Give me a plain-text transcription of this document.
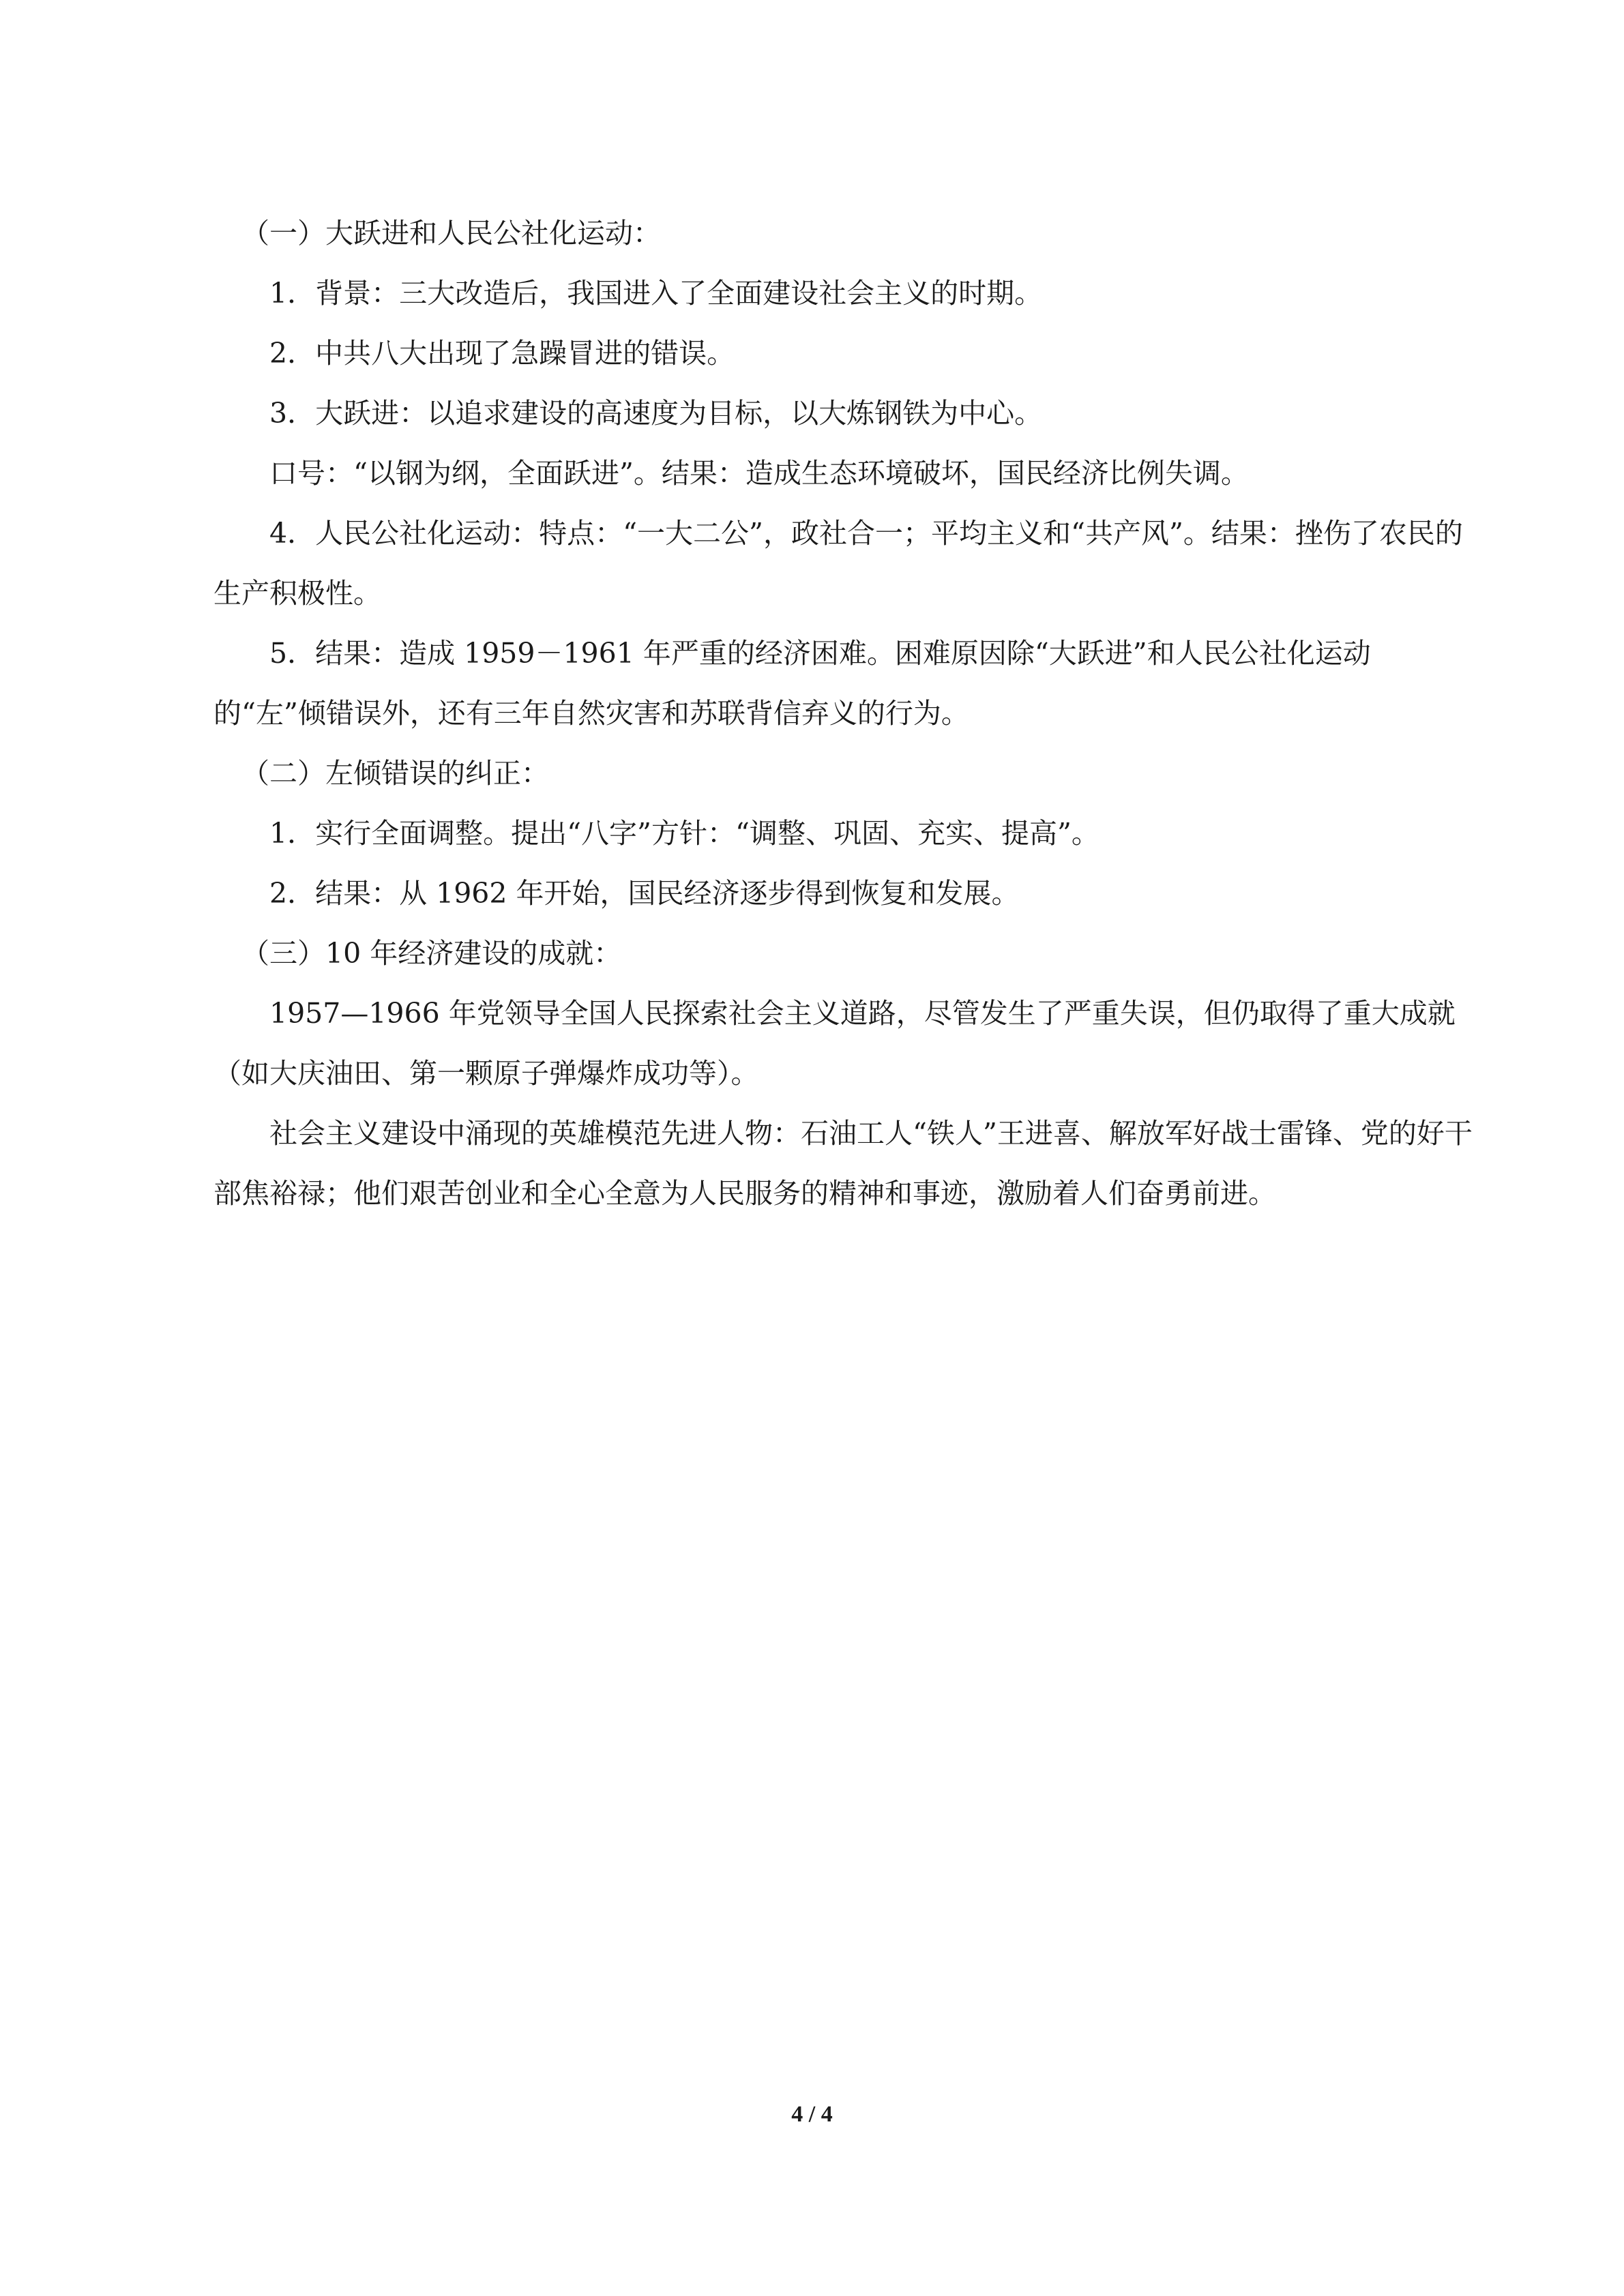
（一）大跃进和人民公社化运动：

1．背景：三大改造后，我国进入了全面建设社会主义的时期。

2．中共八大出现了急躁冒进的错误。

3．大跃进：以追求建设的高速度为目标，以大炼钢铁为中心。

口号：“以钢为纲，全面跃进”。结果：造成生态环境破坏，国民经济比例失调。

4．人民公社化运动：特点：“一大二公”，政社合一；平均主义和“共产风”。结果：挫伤了农民的生产积极性。

5．结果：造成 1959－1961 年严重的经济困难。困难原因除“大跃进”和人民公社化运动的“左”倾错误外，还有三年自然灾害和苏联背信弃义的行为。

（二）左倾错误的纠正：

1．实行全面调整。提出“八字”方针：“调整、巩固、充实、提高”。

2．结果：从 1962 年开始，国民经济逐步得到恢复和发展。

（三）10 年经济建设的成就：

1957—1966 年党领导全国人民探索社会主义道路，尽管发生了严重失误，但仍取得了重大成就（如大庆油田、第一颗原子弹爆炸成功等）。

社会主义建设中涌现的英雄模范先进人物：石油工人“铁人”王进喜、解放军好战士雷锋、党的好干部焦裕禄；他们艰苦创业和全心全意为人民服务的精神和事迹，激励着人们奋勇前进。

4 / 4
